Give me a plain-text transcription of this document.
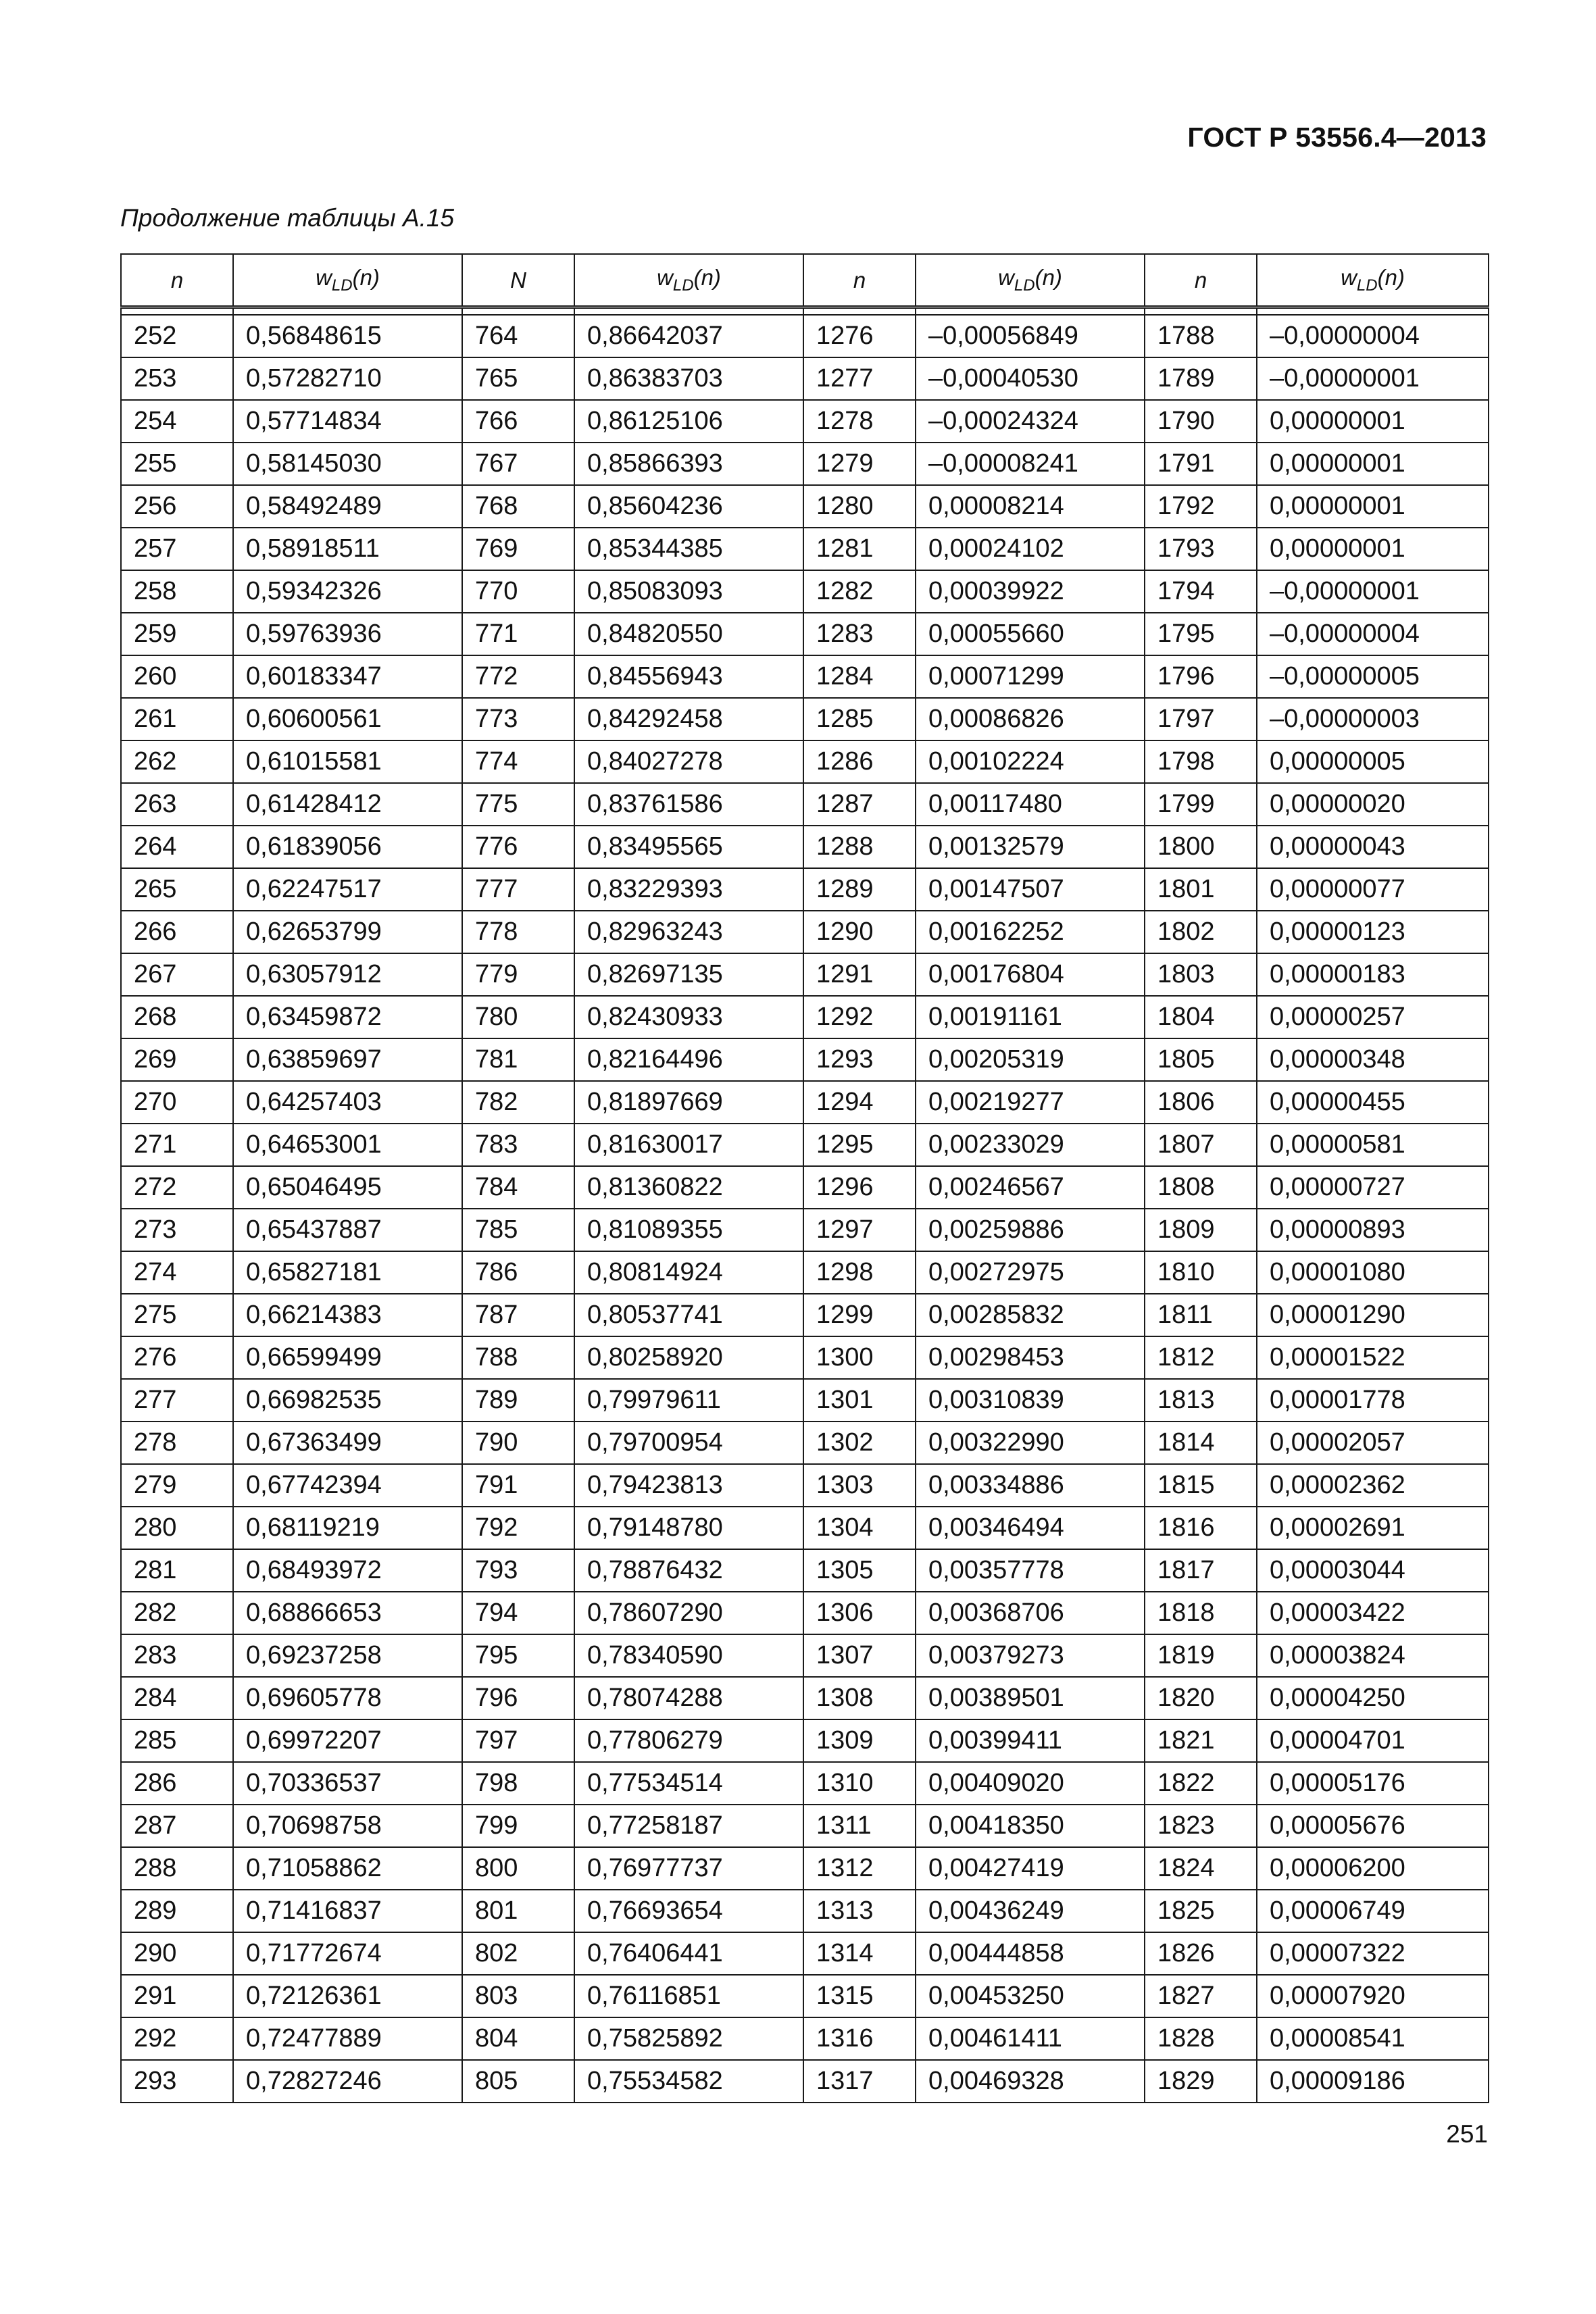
ГОСТ Р 53556.4—2013
Продолжение таблицы А.15
n	$w_{LD}(n)$	N	$w_{LD}(n)$	n	$w_{LD}(n)$	n	$w_{LD}(n)$

252	0,56848615	764	0,86642037	1276	–0,00056849	1788	–0,00000004
253	0,57282710	765	0,86383703	1277	–0,00040530	1789	–0,00000001
254	0,57714834	766	0,86125106	1278	–0,00024324	1790	0,00000001
255	0,58145030	767	0,85866393	1279	–0,00008241	1791	0,00000001
256	0,58492489	768	0,85604236	1280	0,00008214	1792	0,00000001
257	0,58918511	769	0,85344385	1281	0,00024102	1793	0,00000001
258	0,59342326	770	0,85083093	1282	0,00039922	1794	–0,00000001
259	0,59763936	771	0,84820550	1283	0,00055660	1795	–0,00000004
260	0,60183347	772	0,84556943	1284	0,00071299	1796	–0,00000005
261	0,60600561	773	0,84292458	1285	0,00086826	1797	–0,00000003
262	0,61015581	774	0,84027278	1286	0,00102224	1798	0,00000005
263	0,61428412	775	0,83761586	1287	0,00117480	1799	0,00000020
264	0,61839056	776	0,83495565	1288	0,00132579	1800	0,00000043
265	0,62247517	777	0,83229393	1289	0,00147507	1801	0,00000077
266	0,62653799	778	0,82963243	1290	0,00162252	1802	0,00000123
267	0,63057912	779	0,82697135	1291	0,00176804	1803	0,00000183
268	0,63459872	780	0,82430933	1292	0,00191161	1804	0,00000257
269	0,63859697	781	0,82164496	1293	0,00205319	1805	0,00000348
270	0,64257403	782	0,81897669	1294	0,00219277	1806	0,00000455
271	0,64653001	783	0,81630017	1295	0,00233029	1807	0,00000581
272	0,65046495	784	0,81360822	1296	0,00246567	1808	0,00000727
273	0,65437887	785	0,81089355	1297	0,00259886	1809	0,00000893
274	0,65827181	786	0,80814924	1298	0,00272975	1810	0,00001080
275	0,66214383	787	0,80537741	1299	0,00285832	1811	0,00001290
276	0,66599499	788	0,80258920	1300	0,00298453	1812	0,00001522
277	0,66982535	789	0,79979611	1301	0,00310839	1813	0,00001778
278	0,67363499	790	0,79700954	1302	0,00322990	1814	0,00002057
279	0,67742394	791	0,79423813	1303	0,00334886	1815	0,00002362
280	0,68119219	792	0,79148780	1304	0,00346494	1816	0,00002691
281	0,68493972	793	0,78876432	1305	0,00357778	1817	0,00003044
282	0,68866653	794	0,78607290	1306	0,00368706	1818	0,00003422
283	0,69237258	795	0,78340590	1307	0,00379273	1819	0,00003824
284	0,69605778	796	0,78074288	1308	0,00389501	1820	0,00004250
285	0,69972207	797	0,77806279	1309	0,00399411	1821	0,00004701
286	0,70336537	798	0,77534514	1310	0,00409020	1822	0,00005176
287	0,70698758	799	0,77258187	1311	0,00418350	1823	0,00005676
288	0,71058862	800	0,76977737	1312	0,00427419	1824	0,00006200
289	0,71416837	801	0,76693654	1313	0,00436249	1825	0,00006749
290	0,71772674	802	0,76406441	1314	0,00444858	1826	0,00007322
291	0,72126361	803	0,76116851	1315	0,00453250	1827	0,00007920
292	0,72477889	804	0,75825892	1316	0,00461411	1828	0,00008541
293	0,72827246	805	0,75534582	1317	0,00469328	1829	0,00009186
251
